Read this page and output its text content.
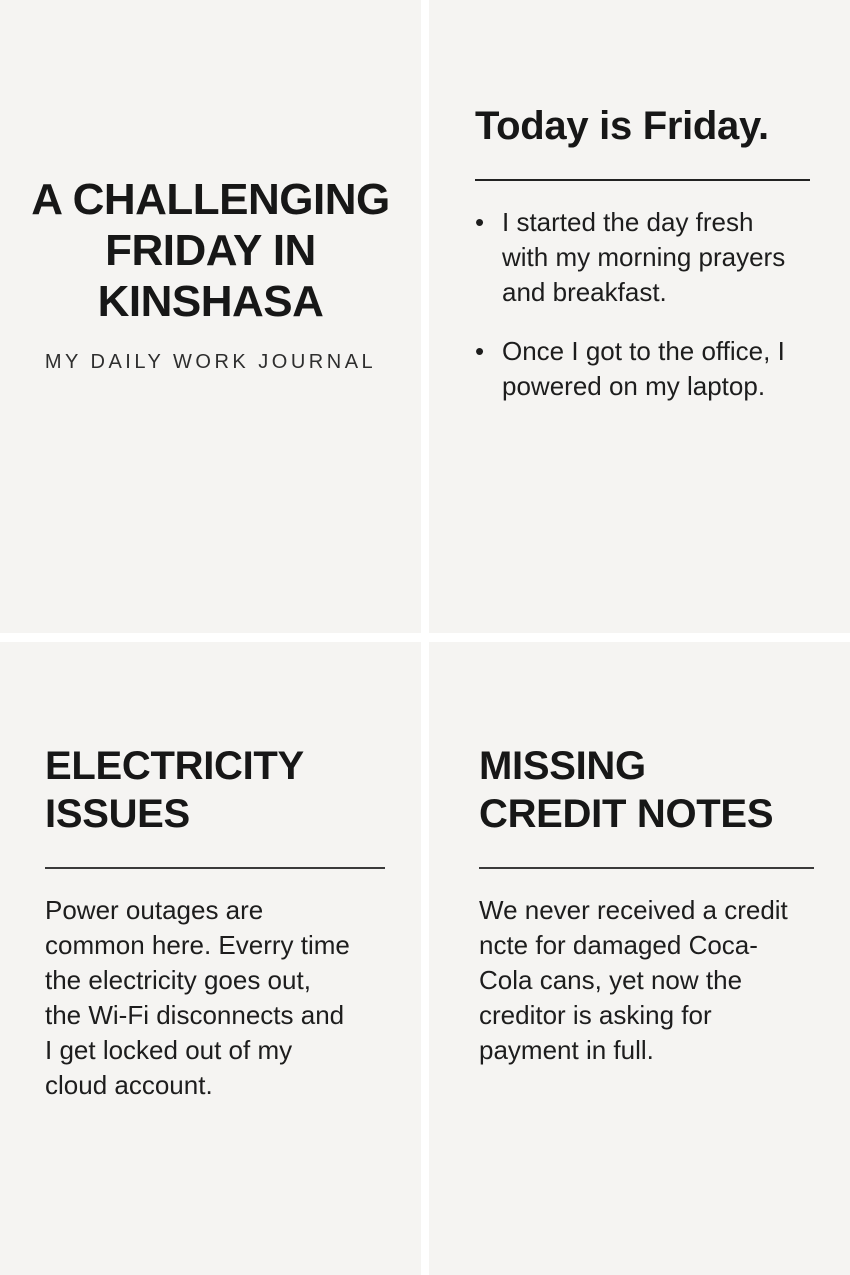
A CHALLENGING FRIDAY IN KINSHASA
MY DAILY WORK JOURNAL
Today is Friday.
• I started the day fresh with my morning prayers and breakfast.
• Once I got to the office, I powered on my laptop.
ELECTRICITY ISSUES

Power outages are common here. Everry time the electricity goes out, the Wi-Fi disconnects and I get locked out of my cloud account.

MISSING CREDIT NOTES

We never received a credit ncte for damaged Coca-Cola cans, yet now the creditor is asking for payment in full.
